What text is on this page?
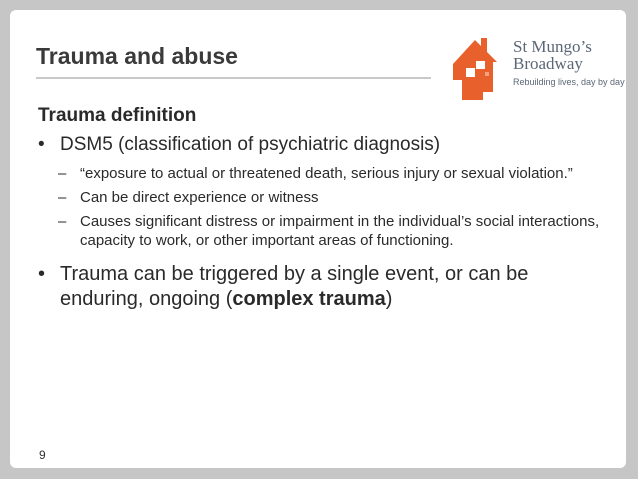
Trauma and abuse	St Mungo’s
Broadway
Rebuilding lives, day by day
Trauma definition
• DSM5 (classification of psychiatric diagnosis)
– “exposure to actual or threatened death, serious injury or sexual violation.”
– Can be direct experience or witness
– Causes significant distress or impairment in the individual’s social interactions, capacity to work, or other important areas of functioning.
• Trauma can be triggered by a single event, or can be enduring, ongoing (complex trauma)
9
